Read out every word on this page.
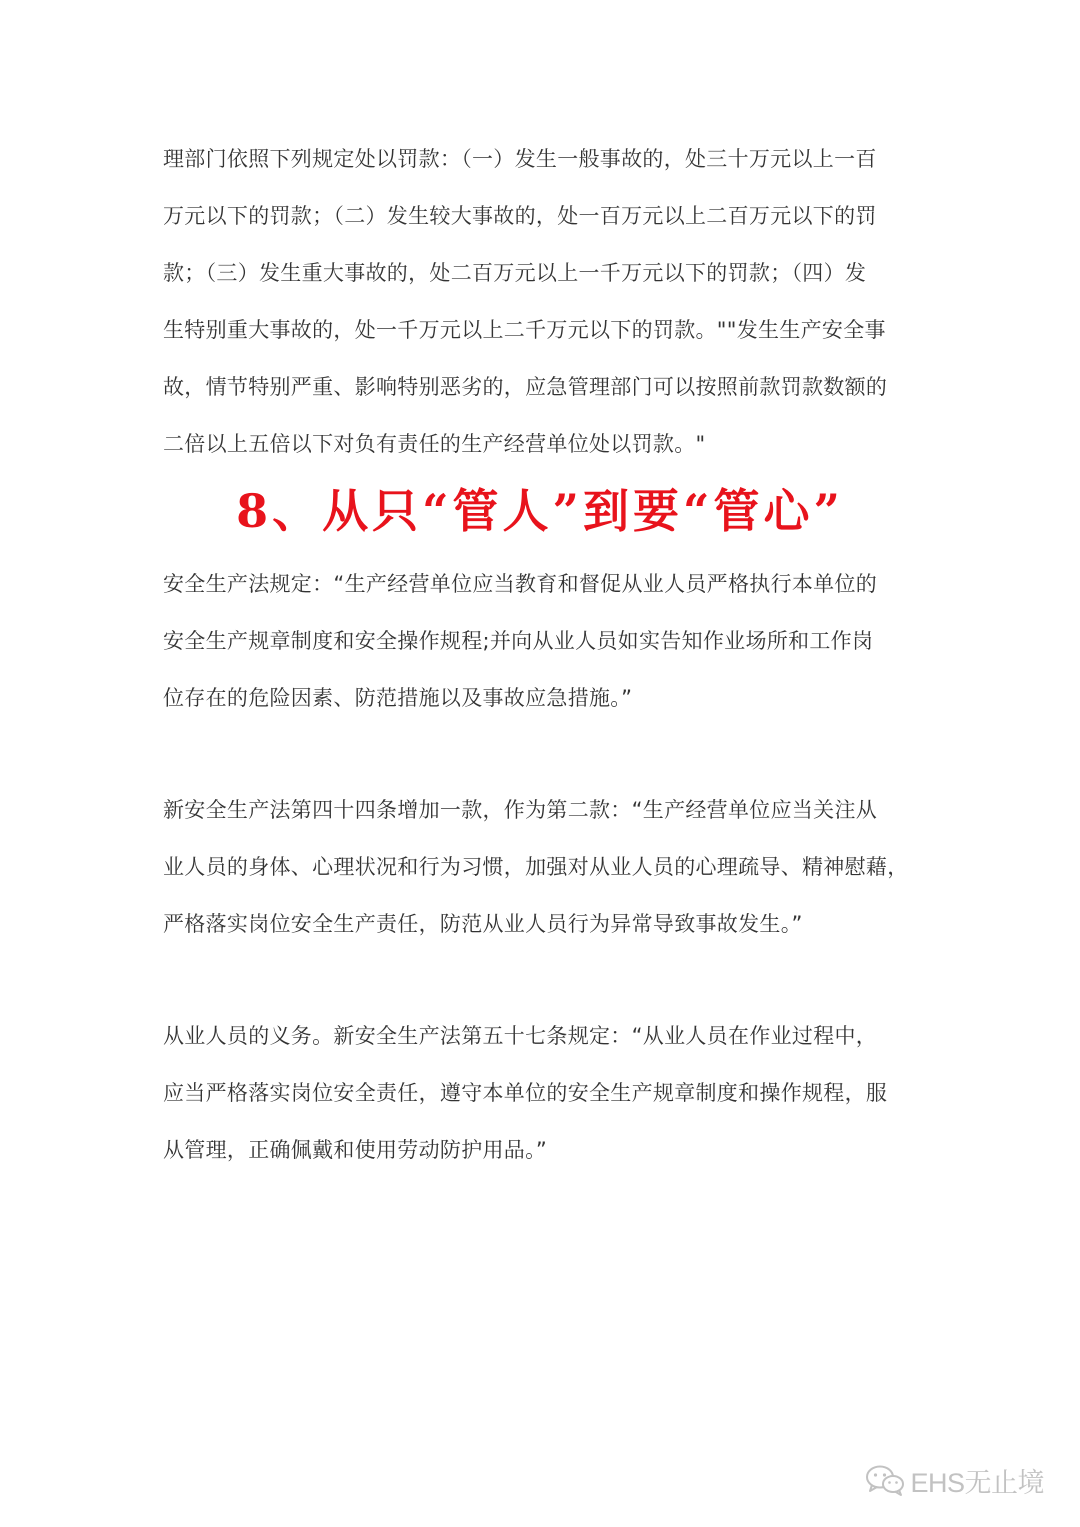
理部门依照下列规定处以罚款：（一）发生一般事故的，处三十万元以上一百
万元以下的罚款；（二）发生较大事故的，处一百万元以上二百万元以下的罚
款；（三）发生重大事故的，处二百万元以上一千万元以下的罚款；（四）发
生特别重大事故的，处一千万元以上二千万元以下的罚款。""发生生产安全事
故，情节特别严重、影响特别恶劣的，应急管理部门可以按照前款罚款数额的
二倍以上五倍以下对负有责任的生产经营单位处以罚款。"
8、从只“管人”到要“管心”
安全生产法规定：“生产经营单位应当教育和督促从业人员严格执行本单位的
安全生产规章制度和安全操作规程;并向从业人员如实告知作业场所和工作岗
位存在的危险因素、防范措施以及事故应急措施。”
新安全生产法第四十四条增加一款，作为第二款：“生产经营单位应当关注从
业人员的身体、心理状况和行为习惯，加强对从业人员的心理疏导、精神慰藉，
严格落实岗位安全生产责任，防范从业人员行为异常导致事故发生。”
从业人员的义务。新安全生产法第五十七条规定：“从业人员在作业过程中，
应当严格落实岗位安全责任，遵守本单位的安全生产规章制度和操作规程，服
从管理，正确佩戴和使用劳动防护用品。”
EHS无止境
